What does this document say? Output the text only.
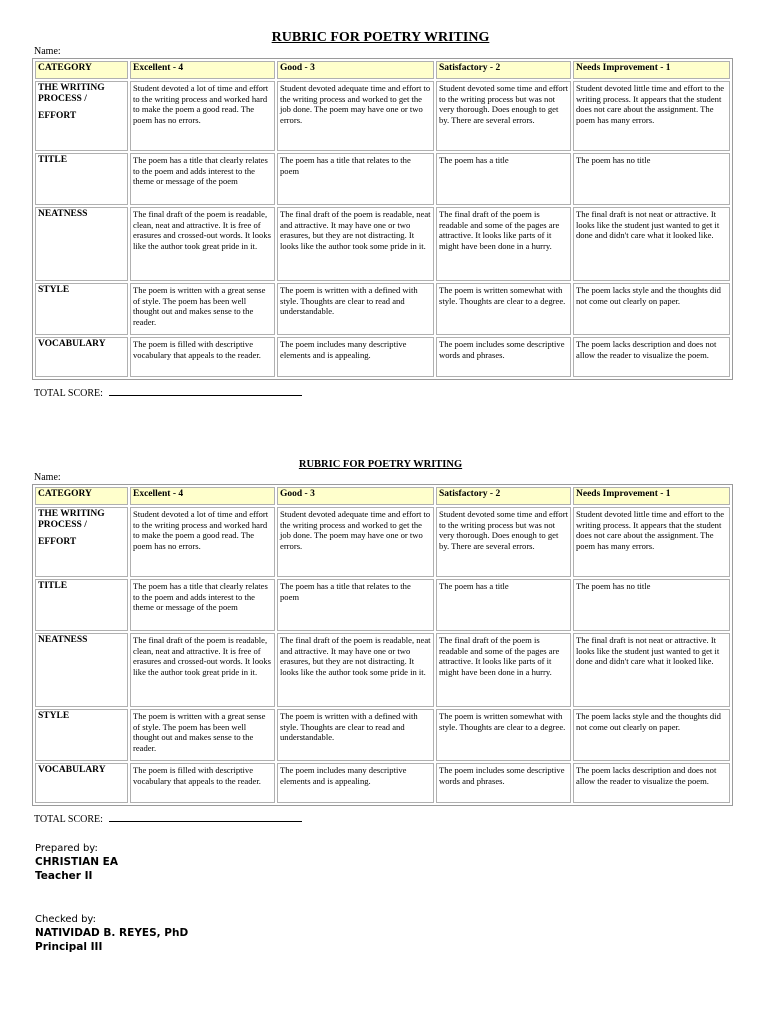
RUBRIC FOR POETRY WRITING
Name:
CATEGORY	Excellent - 4	Good - 3	Satisfactory - 2	Needs Improvement - 1
THE WRITING PROCESS /
EFFORT	Student devoted a lot of time and effort to the writing process and worked hard to make the poem a good read. The poem has no errors.	Student devoted adequate time and effort to the writing process and worked to get the job done. The poem may have one or two errors.	Student devoted some time and effort to the writing process but was not very thorough. Does enough to get by. There are several errors.	Student devoted little time and effort to the writing process. It appears that the student does not care about the assignment. The poem has many errors.
TITLE	The poem has a title that clearly relates to the poem and adds interest to the theme or message of the poem	The poem has a title that relates to the poem	The poem has a title	The poem has no title
NEATNESS	The final draft of the poem is readable, clean, neat and attractive. It is free of erasures and crossed-out words. It looks like the author took great pride in it.	The final draft of the poem is readable, neat and attractive. It may have one or two erasures, but they are not distracting. It looks like the author took some pride in it.	The final draft of the poem is readable and some of the pages are attractive. It looks like parts of it might have been done in a hurry.	The final draft is not neat or attractive. It looks like the student just wanted to get it done and didn't care what it looked like.
STYLE	The poem is written with a great sense of style. The poem has been well thought out and makes sense to the reader.	The poem is written with a defined with style. Thoughts are clear to read and understandable.	The poem is written somewhat with style. Thoughts are clear to a degree.	The poem lacks style and the thoughts did not come out clearly on paper.
VOCABULARY	The poem is filled with descriptive vocabulary that appeals to the reader.	The poem includes many descriptive elements and is appealing.	The poem includes some descriptive words and phrases.	The poem lacks description and does not allow the reader to visualize the poem.
TOTAL SCORE:
RUBRIC FOR POETRY WRITING
Name:
CATEGORY	Excellent - 4	Good - 3	Satisfactory - 2	Needs Improvement - 1
THE WRITING PROCESS /
EFFORT	Student devoted a lot of time and effort to the writing process and worked hard to make the poem a good read. The poem has no errors.	Student devoted adequate time and effort to the writing process and worked to get the job done. The poem may have one or two errors.	Student devoted some time and effort to the writing process but was not very thorough. Does enough to get by. There are several errors.	Student devoted little time and effort to the writing process. It appears that the student does not care about the assignment. The poem has many errors.
TITLE	The poem has a title that clearly relates to the poem and adds interest to the theme or message of the poem	The poem has a title that relates to the poem	The poem has a title	The poem has no title
NEATNESS	The final draft of the poem is readable, clean, neat and attractive. It is free of erasures and crossed-out words. It looks like the author took great pride in it.	The final draft of the poem is readable, neat and attractive. It may have one or two erasures, but they are not distracting. It looks like the author took some pride in it.	The final draft of the poem is readable and some of the pages are attractive. It looks like parts of it might have been done in a hurry.	The final draft is not neat or attractive. It looks like the student just wanted to get it done and didn't care what it looked like.
STYLE	The poem is written with a great sense of style. The poem has been well thought out and makes sense to the reader.	The poem is written with a defined with style. Thoughts are clear to read and understandable.	The poem is written somewhat with style. Thoughts are clear to a degree.	The poem lacks style and the thoughts did not come out clearly on paper.
VOCABULARY	The poem is filled with descriptive vocabulary that appeals to the reader.	The poem includes many descriptive elements and is appealing.	The poem includes some descriptive words and phrases.	The poem lacks description and does not allow the reader to visualize the poem.
TOTAL SCORE:
Prepared by:
CHRISTIAN EA
Teacher II
Checked by:
NATIVIDAD B. REYES, PhD
Principal III
